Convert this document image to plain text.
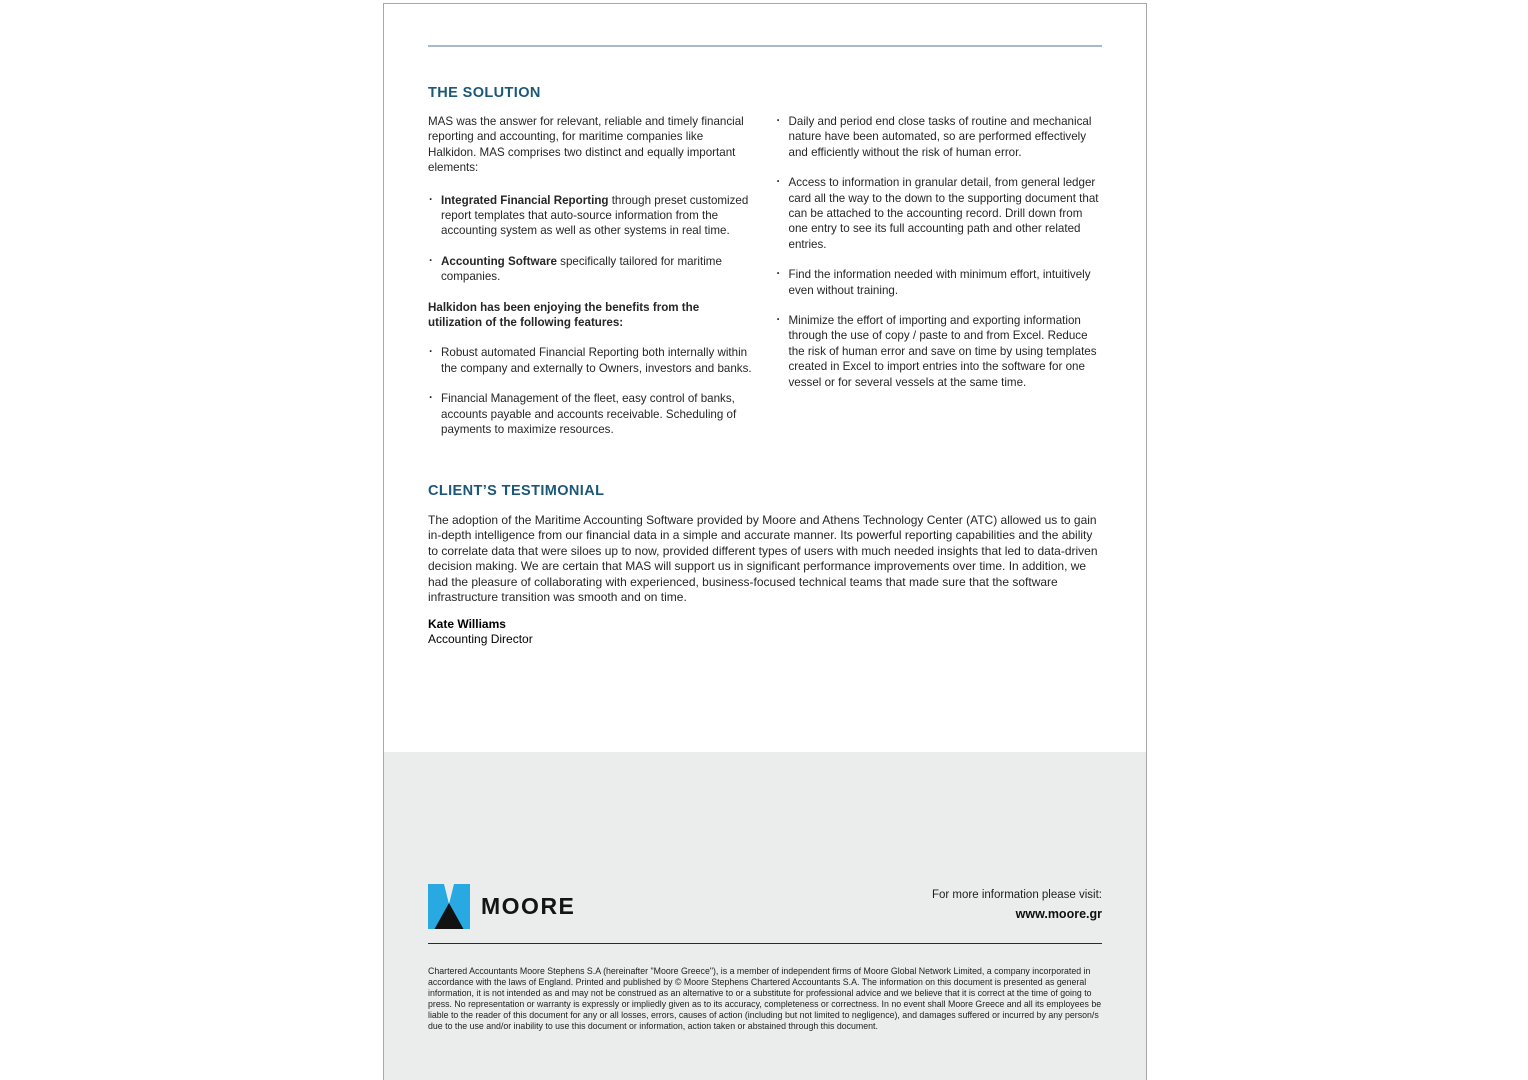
THE SOLUTION

MAS was the answer for relevant, reliable and timely financial reporting and accounting, for maritime companies like Halkidon. MAS comprises two distinct and equally important elements:

· Integrated Financial Reporting through preset customized report templates that auto-source information from the accounting system as well as other systems in real time.
· Accounting Software specifically tailored for maritime companies.

Halkidon has been enjoying the benefits from the utilization of the following features:

· Robust automated Financial Reporting both internally within the company and externally to Owners, investors and banks.
· Financial Management of the fleet, easy control of banks, accounts payable and accounts receivable. Scheduling of payments to maximize resources.
· Daily and period end close tasks of routine and mechanical nature have been automated, so are performed effectively and efficiently without the risk of human error.
· Access to information in granular detail, from general ledger card all the way to the down to the supporting document that can be attached to the accounting record. Drill down from one entry to see its full accounting path and other related entries.
· Find the information needed with minimum effort, intuitively even without training.
· Minimize the effort of importing and exporting information through the use of copy / paste to and from Excel. Reduce the risk of human error and save on time by using templates created in Excel to import entries into the software for one vessel or for several vessels at the same time.
CLIENT’S TESTIMONIAL

The adoption of the Maritime Accounting Software provided by Moore and Athens Technology Center (ATC) allowed us to gain in-depth intelligence from our financial data in a simple and accurate manner. Its powerful reporting capabilities and the ability to correlate data that were siloes up to now, provided different types of users with much needed insights that led to data-driven decision making. We are certain that MAS will support us in significant performance improvements over time. In addition, we had the pleasure of collaborating with experienced, business-focused technical teams that made sure that the software infrastructure transition was smooth and on time.

Kate Williams

Accounting Director

MOORE	For more information please visit:
www.moore.gr

Chartered Accountants Moore Stephens S.A (hereinafter "Moore Greece"), is a member of independent firms of Moore Global Network Limited, a company incorporated in accordance with the laws of England. Printed and published by © Moore Stephens Chartered Accountants S.A. The information on this document is presented as general information, it is not intended as and may not be construed as an alternative to or a substitute for professional advice and we believe that it is correct at the time of going to press. No representation or warranty is expressly or impliedly given as to its accuracy, completeness or correctness. In no event shall Moore Greece and all its employees be liable to the reader of this document for any or all losses, errors, causes of action (including but not limited to negligence), and damages suffered or incurred by any person/s due to the use and/or inability to use this document or information, action taken or abstained through this document.
